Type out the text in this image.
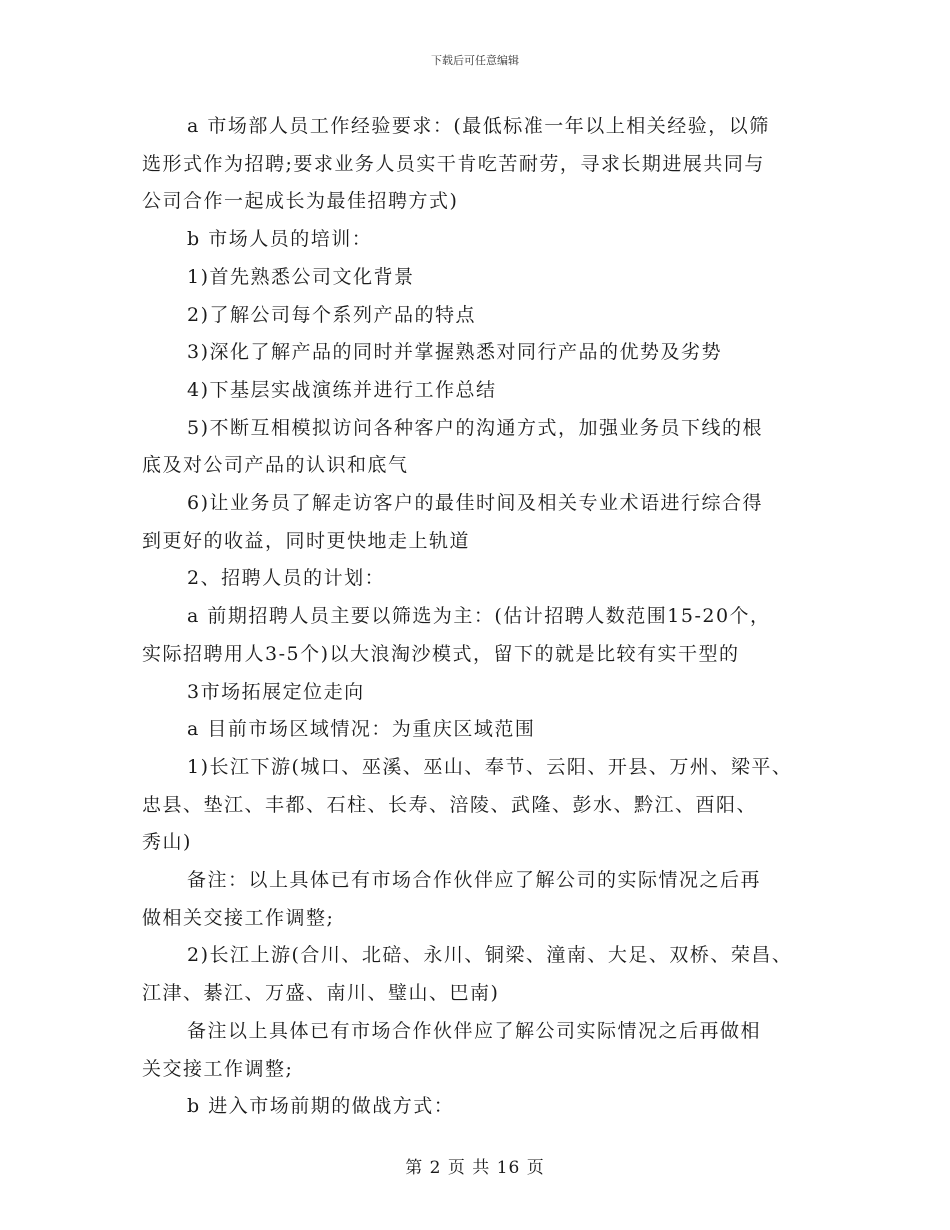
下载后可任意编辑
a 市场部人员工作经验要求：(最低标准一年以上相关经验，以筛
选形式作为招聘;要求业务人员实干肯吃苦耐劳，寻求长期进展共同与
公司合作一起成长为最佳招聘方式)
b 市场人员的培训：
1)首先熟悉公司文化背景
2)了解公司每个系列产品的特点
3)深化了解产品的同时并掌握熟悉对同行产品的优势及劣势
4)下基层实战演练并进行工作总结
5)不断互相模拟访问各种客户的沟通方式，加强业务员下线的根
底及对公司产品的认识和底气
6)让业务员了解走访客户的最佳时间及相关专业术语进行综合得
到更好的收益，同时更快地走上轨道
2、招聘人员的计划：
a 前期招聘人员主要以筛选为主：(估计招聘人数范围15-20个，
实际招聘用人3-5个)以大浪淘沙模式，留下的就是比较有实干型的
3市场拓展定位走向
a 目前市场区域情况：为重庆区域范围
1)长江下游(城口、巫溪、巫山、奉节、云阳、开县、万州、梁平、
忠县、垫江、丰都、石柱、长寿、涪陵、武隆、彭水、黔江、酉阳、
秀山)
备注：以上具体已有市场合作伙伴应了解公司的实际情况之后再
做相关交接工作调整;
2)长江上游(合川、北碚、永川、铜梁、潼南、大足、双桥、荣昌、
江津、綦江、万盛、南川、璧山、巴南)
备注以上具体已有市场合作伙伴应了解公司实际情况之后再做相
关交接工作调整;
b 进入市场前期的做战方式：
第 2 页 共 16 页
